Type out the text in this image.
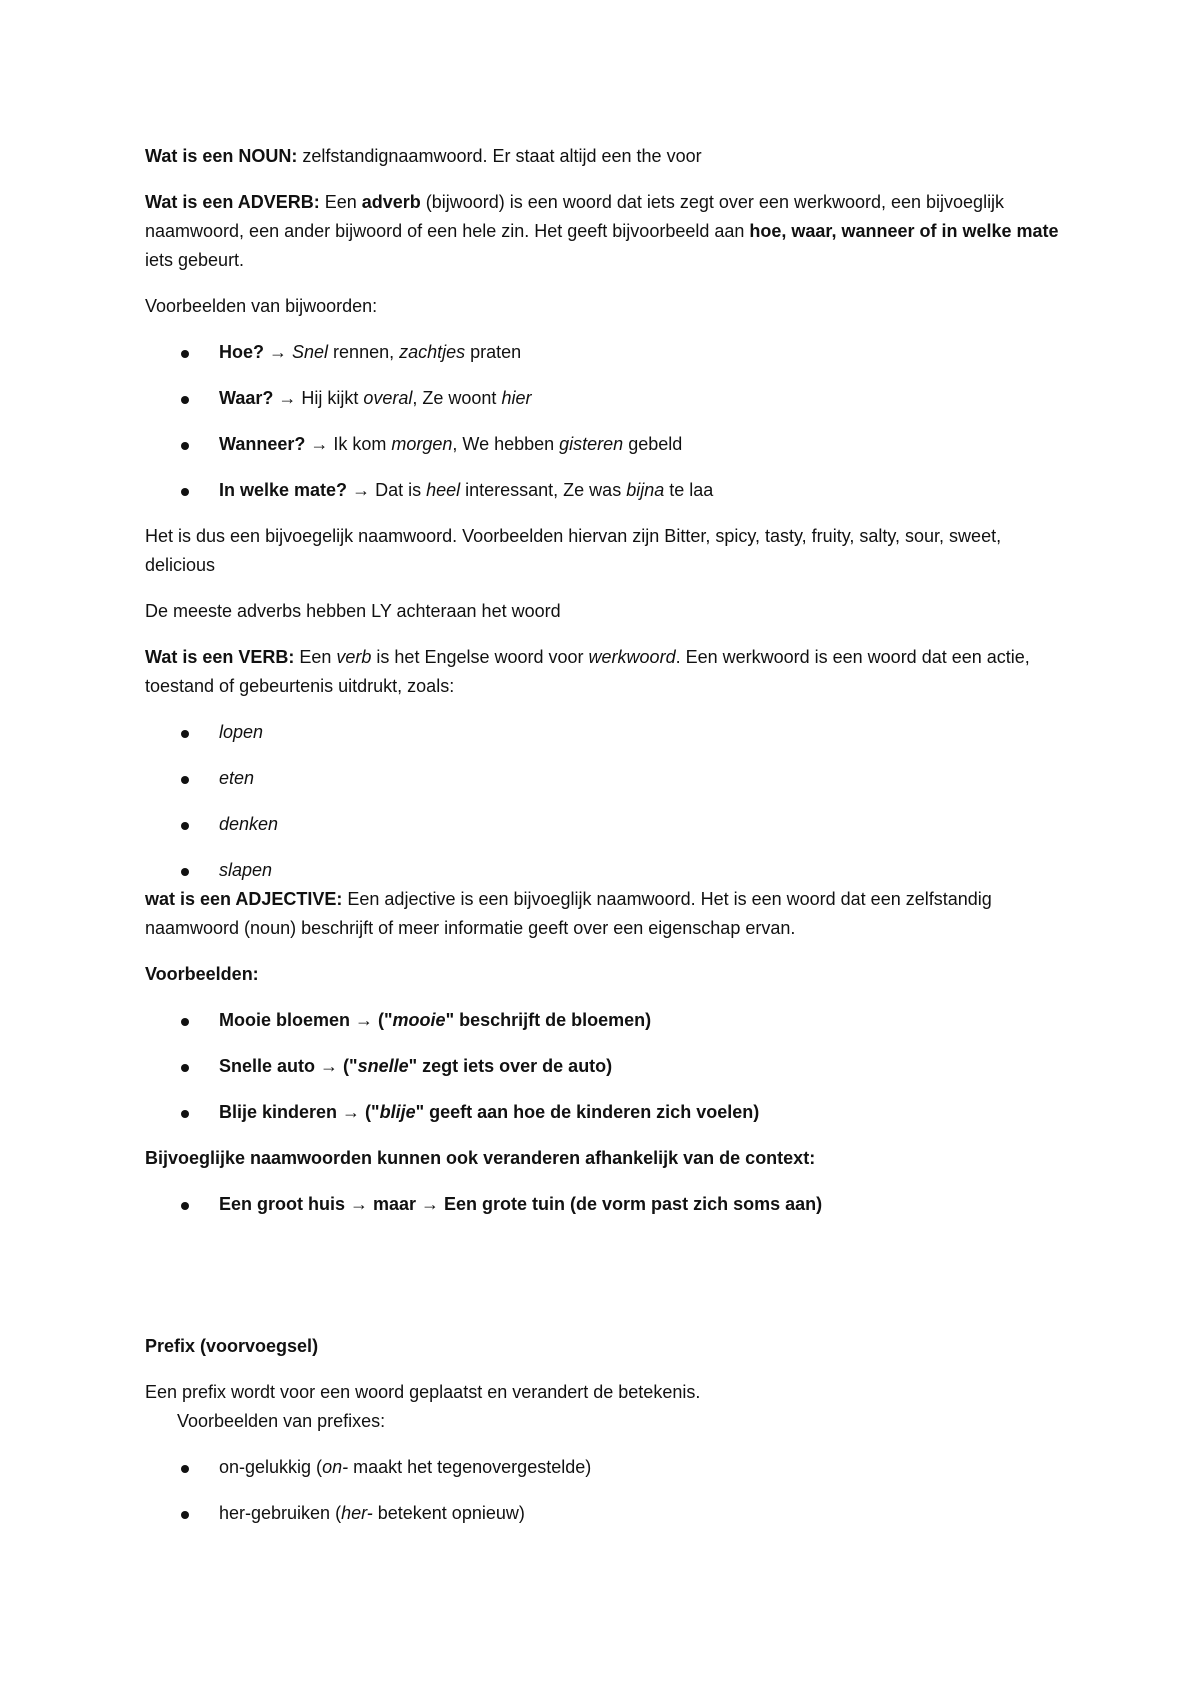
Wat is een NOUN: zelfstandignaamwoord. Er staat altijd een the voor

Wat is een ADVERB: Een adverb (bijwoord) is een woord dat iets zegt over een werkwoord, een bijvoeglijk naamwoord, een ander bijwoord of een hele zin. Het geeft bijvoorbeeld aan hoe, waar, wanneer of in welke mate iets gebeurt.

Voorbeelden van bijwoorden:

Hoe? → Snel rennen, zachtjes praten
Waar? → Hij kijkt overal, Ze woont hier
Wanneer? → Ik kom morgen, We hebben gisteren gebeld
In welke mate? → Dat is heel interessant, Ze was bijna te laa

Het is dus een bijvoegelijk naamwoord. Voorbeelden hiervan zijn Bitter, spicy, tasty, fruity, salty, sour, sweet, delicious

De meeste adverbs hebben LY achteraan het woord

Wat is een VERB: Een verb is het Engelse woord voor werkwoord. Een werkwoord is een woord dat een actie, toestand of gebeurtenis uitdrukt, zoals:

lopen
eten
denken
slapen

wat is een ADJECTIVE: Een adjective is een bijvoeglijk naamwoord. Het is een woord dat een zelfstandig naamwoord (noun) beschrijft of meer informatie geeft over een eigenschap ervan.

Voorbeelden:

Mooie bloemen → ("mooie" beschrijft de bloemen)
Snelle auto → ("snelle" zegt iets over de auto)
Blije kinderen → ("blije" geeft aan hoe de kinderen zich voelen)

Bijvoeglijke naamwoorden kunnen ook veranderen afhankelijk van de context:

Een groot huis → maar → Een grote tuin (de vorm past zich soms aan)

Prefix (voorvoegsel)

Een prefix wordt voor een woord geplaatst en verandert de betekenis.

Voorbeelden van prefixes:

on-gelukkig (on- maakt het tegenovergestelde)
her-gebruiken (her- betekent opnieuw)
